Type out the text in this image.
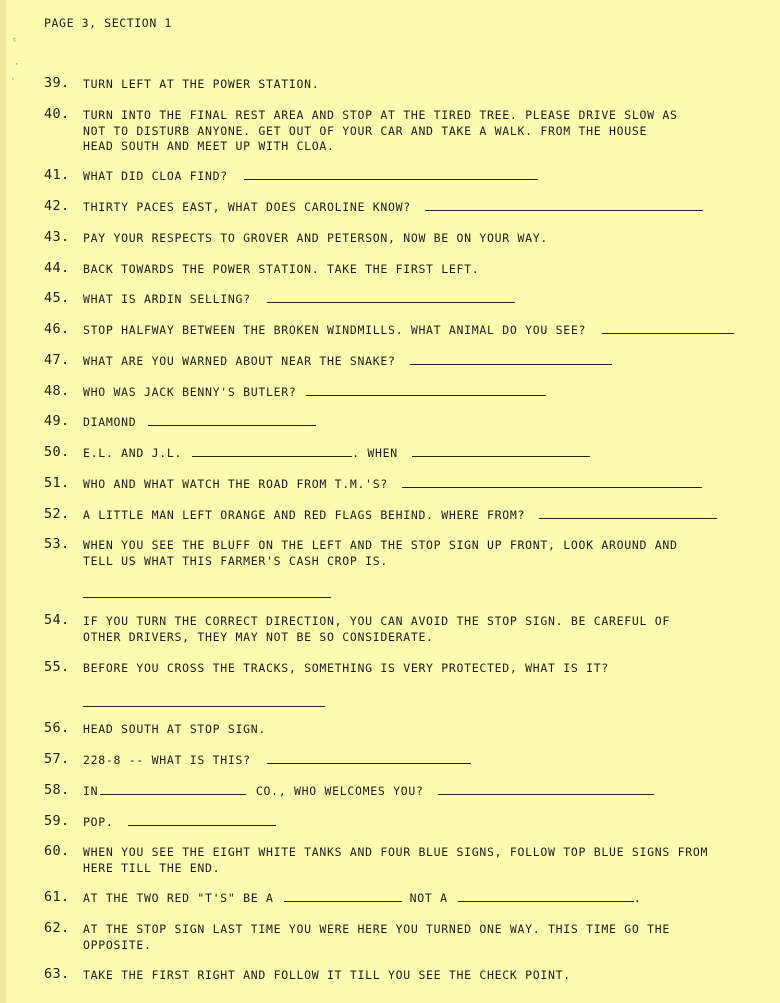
ˤ
·
·
PAGE 3, SECTION 1
39. TURN LEFT AT THE POWER STATION.
40. TURN INTO THE FINAL REST AREA AND STOP AT THE TIRED TREE. PLEASE DRIVE SLOW AS
NOT TO DISTURB ANYONE. GET OUT OF YOUR CAR AND TAKE A WALK. FROM THE HOUSE
HEAD SOUTH AND MEET UP WITH CLOA.
41. WHAT DID CLOA FIND?
42. THIRTY PACES EAST, WHAT DOES CAROLINE KNOW?
43. PAY YOUR RESPECTS TO GROVER AND PETERSON, NOW BE ON YOUR WAY.
44. BACK TOWARDS THE POWER STATION. TAKE THE FIRST LEFT.
45. WHAT IS ARDIN SELLING?
46. STOP HALFWAY BETWEEN THE BROKEN WINDMILLS. WHAT ANIMAL DO YOU SEE?
47. WHAT ARE YOU WARNED ABOUT NEAR THE SNAKE?
48. WHO WAS JACK BENNY'S BUTLER?
49. DIAMOND
50. E.L. AND J.L.	. WHEN
51. WHO AND WHAT WATCH THE ROAD FROM T.M.'S?
52. A LITTLE MAN LEFT ORANGE AND RED FLAGS BEHIND. WHERE FROM?
53. WHEN YOU SEE THE BLUFF ON THE LEFT AND THE STOP SIGN UP FRONT, LOOK AROUND AND
TELL US WHAT THIS FARMER'S CASH CROP IS.
54. IF YOU TURN THE CORRECT DIRECTION, YOU CAN AVOID THE STOP SIGN. BE CAREFUL OF
OTHER DRIVERS, THEY MAY NOT BE SO CONSIDERATE.
55. BEFORE YOU CROSS THE TRACKS, SOMETHING IS VERY PROTECTED, WHAT IS IT?
56. HEAD SOUTH AT STOP SIGN.
57. 228-8 -- WHAT IS THIS?
58. IN	CO., WHO WELCOMES YOU?
59. POP.
60. WHEN YOU SEE THE EIGHT WHITE TANKS AND FOUR BLUE SIGNS, FOLLOW TOP BLUE SIGNS FROM
HERE TILL THE END.
61. AT THE TWO RED "T'S" BE A	NOT A	.
62. AT THE STOP SIGN LAST TIME YOU WERE HERE YOU TURNED ONE WAY. THIS TIME GO THE
OPPOSITE.
63. TAKE THE FIRST RIGHT AND FOLLOW IT TILL YOU SEE THE CHECK POINT.
